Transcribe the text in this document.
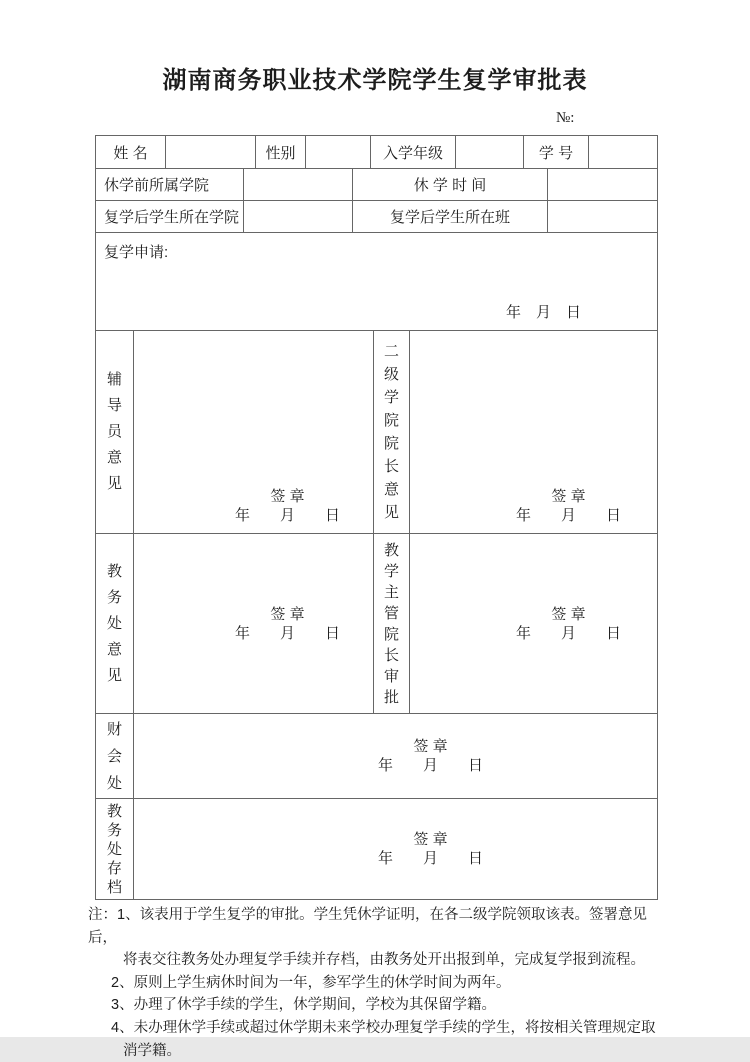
湖南商务职业技术学院学生复学审批表
№:
姓 名	性别	入学年级	学 号
休学前所属学院	休 学 时 间
复学后学生所在学院	复学后学生所在班
复学申请:
年　月　日
辅导员意见
签 章
年　　月　　日
二级学院院长意见
签 章
年　　月　　日
教务处意见
签 章
年　　月　　日
教学主管院长审批
签 章
年　　月　　日
财会处
签 章
年　　月　　日
教务处存档
签 章
年　　月　　日
注：1、该表用于学生复学的审批。学生凭休学证明，在各二级学院领取该表。签署意见后，
将表交往教务处办理复学手续并存档，由教务处开出报到单，完成复学报到流程。
2、原则上学生病休时间为一年，参军学生的休学时间为两年。
3、办理了休学手续的学生，休学期间，学校为其保留学籍。
4、未办理休学手续或超过休学期未来学校办理复学手续的学生，将按相关管理规定取
消学籍。
